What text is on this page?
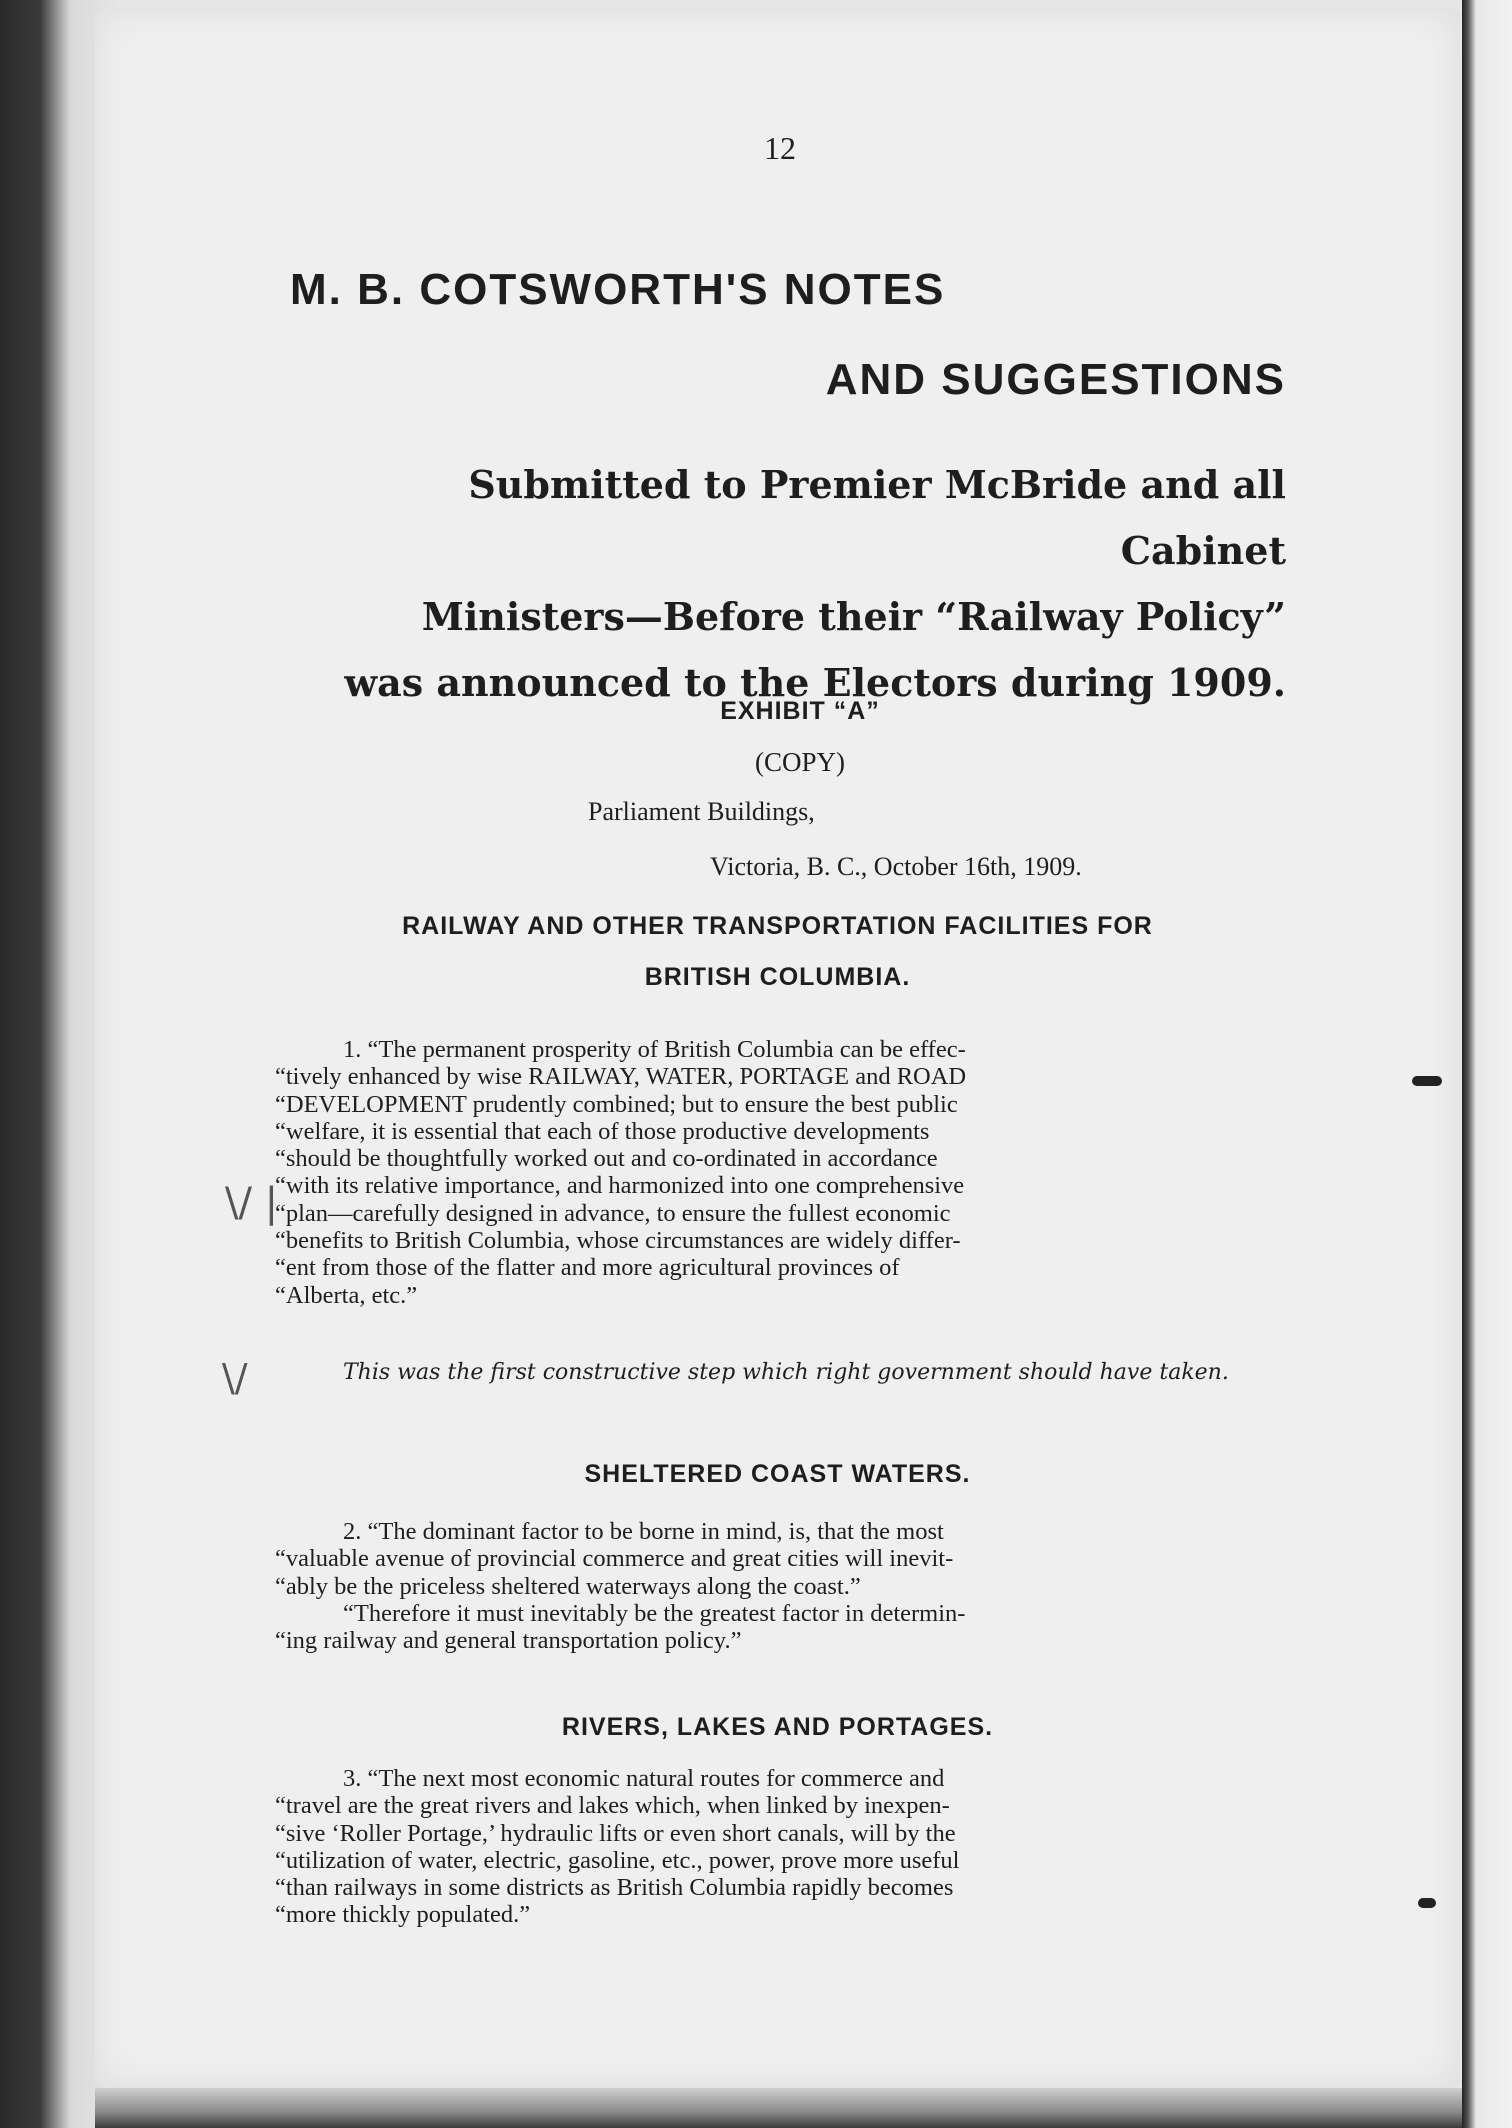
12
M. B. COTSWORTH'S NOTES
AND SUGGESTIONS
Submitted to Premier McBride and all Cabinet
Ministers—Before their “Railway Policy”
was announced to the Electors during 1909.
EXHIBIT “A”
(COPY)
Parliament Buildings,
Victoria, B. C., October 16th, 1909.
RAILWAY AND OTHER TRANSPORTATION FACILITIES FOR
BRITISH COLUMBIA.
1. “The permanent prosperity of British Columbia can be effec-
“tively enhanced by wise RAILWAY, WATER, PORTAGE and ROAD
“DEVELOPMENT prudently combined; but to ensure the best public
“welfare, it is essential that each of those productive developments
“should be thoughtfully worked out and co-ordinated in accordance
“with its relative importance, and harmonized into one comprehensive
“plan—carefully designed in advance, to ensure the fullest economic
“benefits to British Columbia, whose circumstances are widely differ-
“ent from those of the flatter and more agricultural provinces of
“Alberta, etc.”
This was the first constructive step which right government should have taken.
\/ |
\/
SHELTERED COAST WATERS.
2. “The dominant factor to be borne in mind, is, that the most
“valuable avenue of provincial commerce and great cities will inevit-
“ably be the priceless sheltered waterways along the coast.”
“Therefore it must inevitably be the greatest factor in determin-
“ing railway and general transportation policy.”
RIVERS, LAKES AND PORTAGES.
3. “The next most economic natural routes for commerce and
“travel are the great rivers and lakes which, when linked by inexpen-
“sive ‘Roller Portage,’ hydraulic lifts or even short canals, will by the
“utilization of water, electric, gasoline, etc., power, prove more useful
“than railways in some districts as British Columbia rapidly becomes
“more thickly populated.”
